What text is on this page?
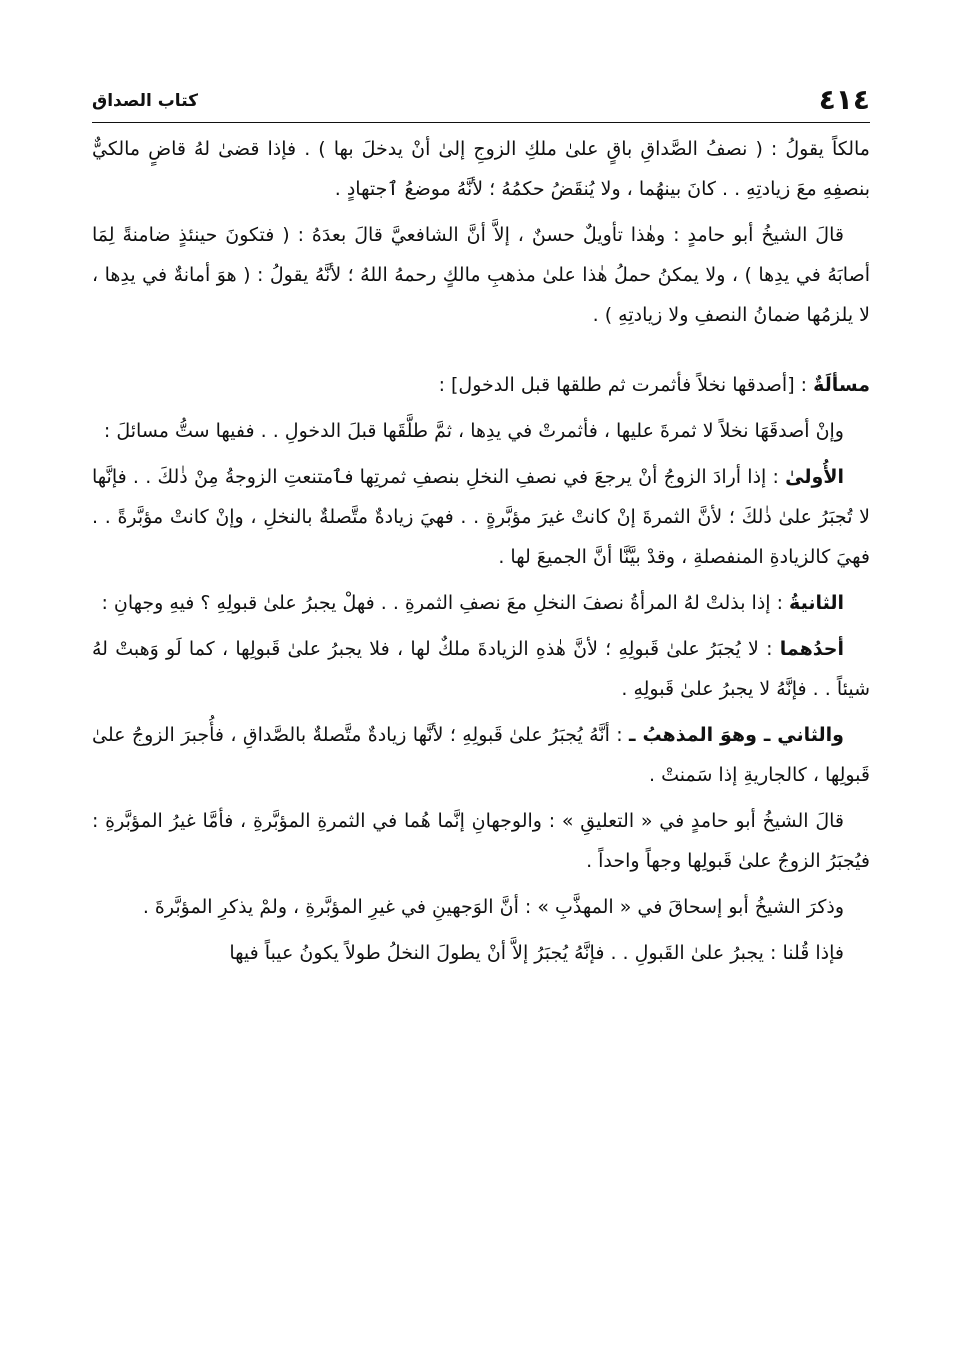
٤١٤
كتاب الصداق

مالكاً يقولُ : ( نصفُ الصَّداقِ باقٍ علىٰ ملكِ الزوجِ إلىٰ أنْ يدخلَ بها ) . فإذا قضىٰ لهُ قاضٍ مالكيٌّ بنصفِهِ معَ زيادتِهِ . . كانَ بينهُما ، ولا يُنقَضُ حكمُهُ ؛ لأنَّهُ موضعُ ٱجتهادٍ .

قالَ الشيخُ أبو حامدٍ : وهٰذا تأويلٌ حسنٌ ، إلاَّ أنَّ الشافعيَّ قالَ بعدَهُ : ( فتكونَ حينئذٍ ضامنةً لِمَا أصابَهُ في يدِها ) ، ولا يمكنُ حملُ هٰذا علىٰ مذهبِ مالكٍ رحمهُ اللهُ ؛ لأنَّهُ يقولُ : ( هوَ أمانةٌ في يدِها ، لا يلزمُها ضمانُ النصفِ ولا زيادتِهِ ) .

مسألَةٌ : [أصدقها نخلاً فأثمرت ثم طلقها قبل الدخول] :

وإنْ أصدقَهَا نخلاً لا ثمرةَ عليها ، فأثمرتْ في يدِها ، ثمَّ طلَّقَها قبلَ الدخولِ . . ففيها ستُّ مسائلَ :

الأُولىٰ : إذا أرادَ الزوجُ أنْ يرجعَ في نصفِ النخلِ بنصفِ ثمرتِها فٱمتنعتِ الزوجةُ مِنْ ذٰلكَ . . فإنَّها لا تُجبَرُ علىٰ ذٰلكَ ؛ لأنَّ الثمرةَ إنْ كانتْ غيرَ مؤبَّرةٍ . . فهيَ زيادةٌ متَّصلةٌ بالنخلِ ، وإنْ كانتْ مؤبَّرةً . . فهيَ كالزيادةِ المنفصلةِ ، وقدْ بيَّنَّا أنَّ الجميعَ لها .

الثانيةُ : إذا بذلتْ لهُ المرأةُ نصفَ النخلِ معَ نصفِ الثمرةِ . . فهلْ يجبرُ علىٰ قبولِهِ ؟ فيهِ وجهانِ :

أحدُهما : لا يُجبَرُ علىٰ قَبولِهِ ؛ لأنَّ هٰذهِ الزيادةَ ملكٌ لها ، فلا يجبرُ علىٰ قَبولِها ، كما لَو وَهبتْ لهُ شيئاً . . فإنَّهُ لا يجبرُ علىٰ قَبولِهِ .

والثاني ـ وهوَ المذهبُ ـ : أنَّهُ يُجبَرُ علىٰ قَبولِهِ ؛ لأنَّها زيادةٌ متَّصلةٌ بالصَّداقِ ، فأُجبرَ الزوجُ علىٰ قَبولِها ، كالجاريةِ إذا سَمنتْ .

قالَ الشيخُ أبو حامدٍ في « التعليقِ » : والوجهانِ إنَّما هُما في الثمرةِ المؤبَّرةِ ، فأمَّا غيرُ المؤبَّرةِ : فيُجبَرُ الزوجُ علىٰ قَبولِها وجهاً واحداً .

وذكرَ الشيخُ أبو إسحاقَ في « المهذَّبِ » : أنَّ الوَجهينِ في غيرِ المؤبَّرةِ ، ولمْ يذكرِ المؤبَّرةَ .

فإذا قُلنا : يجبرُ علىٰ القَبولِ . . فإنَّهُ يُجبَرُ إلاَّ أنْ يطولَ النخلُ طولاً يكونُ عيباً فيها
